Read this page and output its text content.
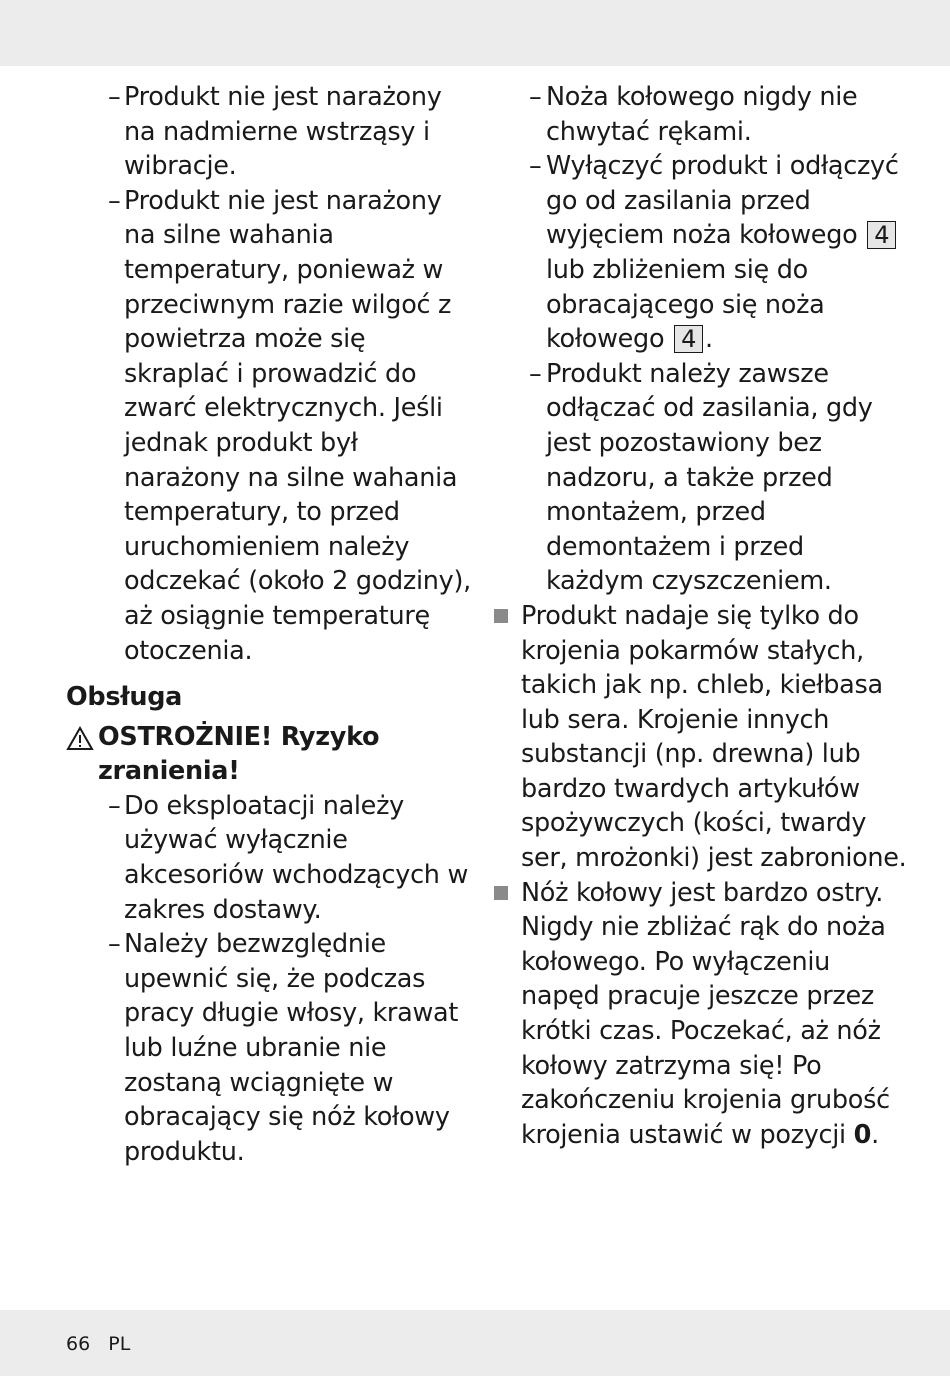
– Produkt nie jest narażony na nadmierne wstrząsy i wibracje.
– Produkt nie jest narażony na silne wahania temperatury, ponieważ w przeciwnym razie wilgoć z powietrza może się skraplać i prowadzić do zwarć elektrycznych. Jeśli jednak produkt był narażony na silne wahania temperatury, to przed uruchomieniem należy odczekać (około 2 godziny), aż osiągnie temperaturę otoczenia.
Obsługa
OSTROŻNIE! Ryzyko zranienia!
– Do eksploatacji należy używać wyłącznie akcesoriów wchodzących w zakres dostawy.
– Należy bezwzględnie upewnić się, że podczas pracy długie włosy, krawat lub luźne ubranie nie zostaną wciągnięte w obracający się nóż kołowy produktu.
– Noża kołowego nigdy nie chwytać rękami.
– Wyłączyć produkt i odłączyć go od zasilania przed wyjęciem noża kołowego 4 lub zbliżeniem się do obracającego się noża kołowego 4 .
– Produkt należy zawsze odłączać od zasilania, gdy jest pozostawiony bez nadzoru, a także przed montażem, przed demontażem i przed każdym czyszczeniem.
Produkt nadaje się tylko do krojenia pokarmów stałych, takich jak np. chleb, kiełbasa lub sera. Krojenie innych substancji (np. drewna) lub bardzo twardych artykułów spożywczych (kości, twardy ser, mrożonki) jest zabronione.
Nóż kołowy jest bardzo ostry. Nigdy nie zbliżać rąk do noża kołowego. Po wyłączeniu napęd pracuje jeszcze przez krótki czas. Poczekać, aż nóż kołowy zatrzyma się! Po zakończeniu krojenia grubość krojenia ustawić w pozycji 0.
66 PL
